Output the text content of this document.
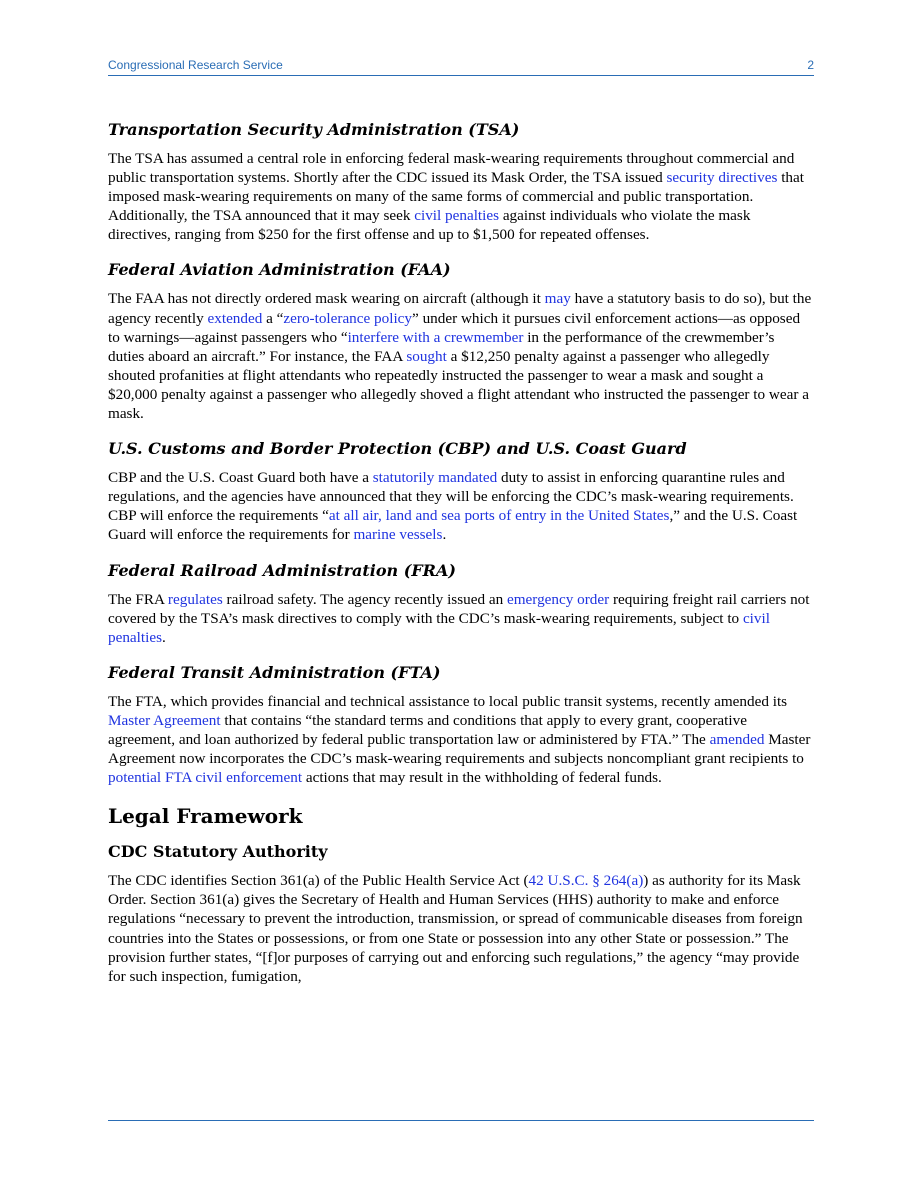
Congressional Research Service	2
Transportation Security Administration (TSA)

The TSA has assumed a central role in enforcing federal mask-wearing requirements throughout commercial and public transportation systems. Shortly after the CDC issued its Mask Order, the TSA issued security directives that imposed mask-wearing requirements on many of the same forms of commercial and public transportation. Additionally, the TSA announced that it may seek civil penalties against individuals who violate the mask directives, ranging from $250 for the first offense and up to $1,500 for repeated offenses.

Federal Aviation Administration (FAA)

The FAA has not directly ordered mask wearing on aircraft (although it may have a statutory basis to do so), but the agency recently extended a “zero-tolerance policy” under which it pursues civil enforcement actions—as opposed to warnings—against passengers who “interfere with a crewmember in the performance of the crewmember’s duties aboard an aircraft.” For instance, the FAA sought a $12,250 penalty against a passenger who allegedly shouted profanities at flight attendants who repeatedly instructed the passenger to wear a mask and sought a $20,000 penalty against a passenger who allegedly shoved a flight attendant who instructed the passenger to wear a mask.

U.S. Customs and Border Protection (CBP) and U.S. Coast Guard

CBP and the U.S. Coast Guard both have a statutorily mandated duty to assist in enforcing quarantine rules and regulations, and the agencies have announced that they will be enforcing the CDC’s mask-wearing requirements. CBP will enforce the requirements “at all air, land and sea ports of entry in the United States,” and the U.S. Coast Guard will enforce the requirements for marine vessels.

Federal Railroad Administration (FRA)

The FRA regulates railroad safety. The agency recently issued an emergency order requiring freight rail carriers not covered by the TSA’s mask directives to comply with the CDC’s mask-wearing requirements, subject to civil penalties.

Federal Transit Administration (FTA)

The FTA, which provides financial and technical assistance to local public transit systems, recently amended its Master Agreement that contains “the standard terms and conditions that apply to every grant, cooperative agreement, and loan authorized by federal public transportation law or administered by FTA.” The amended Master Agreement now incorporates the CDC’s mask-wearing requirements and subjects noncompliant grant recipients to potential FTA civil enforcement actions that may result in the withholding of federal funds.

Legal Framework
CDC Statutory Authority

The CDC identifies Section 361(a) of the Public Health Service Act (42 U.S.C. § 264(a)) as authority for its Mask Order. Section 361(a) gives the Secretary of Health and Human Services (HHS) authority to make and enforce regulations “necessary to prevent the introduction, transmission, or spread of communicable diseases from foreign countries into the States or possessions, or from one State or possession into any other State or possession.” The provision further states, “[f]or purposes of carrying out and enforcing such regulations,” the agency “may provide for such inspection, fumigation,
